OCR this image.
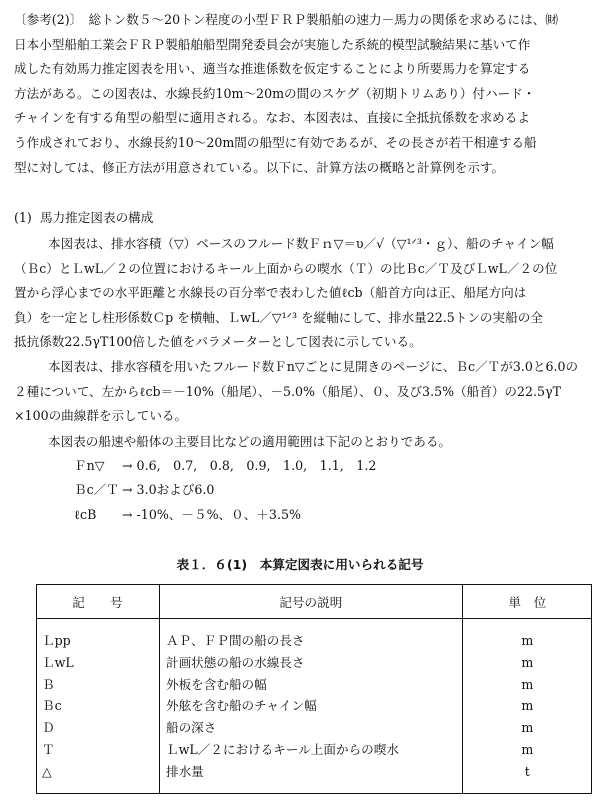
〔参考(2)〕　総トン数５～20トン程度の小型ＦＲＰ製船舶の速力－馬力の関係を求めるには、㈶
日本小型船舶工業会ＦＲＰ製船舶船型開発委員会が実施した系統的模型試験結果に基いて作
成した有効馬力推定図表を用い、適当な推進係数を仮定することにより所要馬力を算定する
方法がある。この図表は、水線長約10m～20mの間のスケグ（初期トリムあり）付ハード・
チャインを有する角型の船型に適用される。なお、本図表は、直接に全抵抗係数を求めるよ
う作成されており、水線長約10～20m間の船型に有効であるが、その長さが若干相違する船
型に対しては、修正方法が用意されている。以下に、計算方法の概略と計算例を示す。
(1) 馬力推定図表の構成
本図表は、排水容積（▽）ベースのフルード数Ｆｎ▽＝υ／√（▽¹ᐟ³・ｇ）、船のチャイン幅
（Ｂc）とＬwL／２の位置におけるキール上面からの喫水（Ｔ）の比Ｂc／Ｔ及びＬwL／２の位
置から浮心までの水平距離と水線長の百分率で表わした値ℓcb（船首方向は正、船尾方向は
負）を一定とし柱形係数Ｃp を横軸、ＬwL／▽¹ᐟ³ を縦軸にして、排水量22.5トンの実船の全
抵抗係数22.5γT100倍した値をパラメーターとして図表に示している。
本図表は、排水容積を用いたフルード数Ｆn▽ごとに見開きのページに、Ｂc／Ｔが3.0と6.0の
２種について、左からℓcb＝－10%（船尾）、－5.0%（船尾）、０、及び3.5%（船首）の22.5γT
×100の曲線群を示している。
本図表の船速や船体の主要目比などの適用範囲は下記のとおりである。
Ｆn▽ → 0.6,　0.7,　0.8,　0.9,　1.0,　1.1,　1.2
Ｂc／Ｔ → 3.0および6.0
ℓcB → -10%、－５%、０、＋3.5%
表１．６(1)　本算定図表に用いられる記号
記　　号	記号の説明	単　位

Ｌpp	ＡＰ、ＦＰ間の船の長さ	m
ＬwL	計画状態の船の水線長さ	m
Ｂ	外板を含む船の幅	m
Ｂc	外舷を含む船のチャイン幅	m
Ｄ	船の深さ	m
Ｔ	ＬwL／２におけるキール上面からの喫水	m
△	排水量	t
